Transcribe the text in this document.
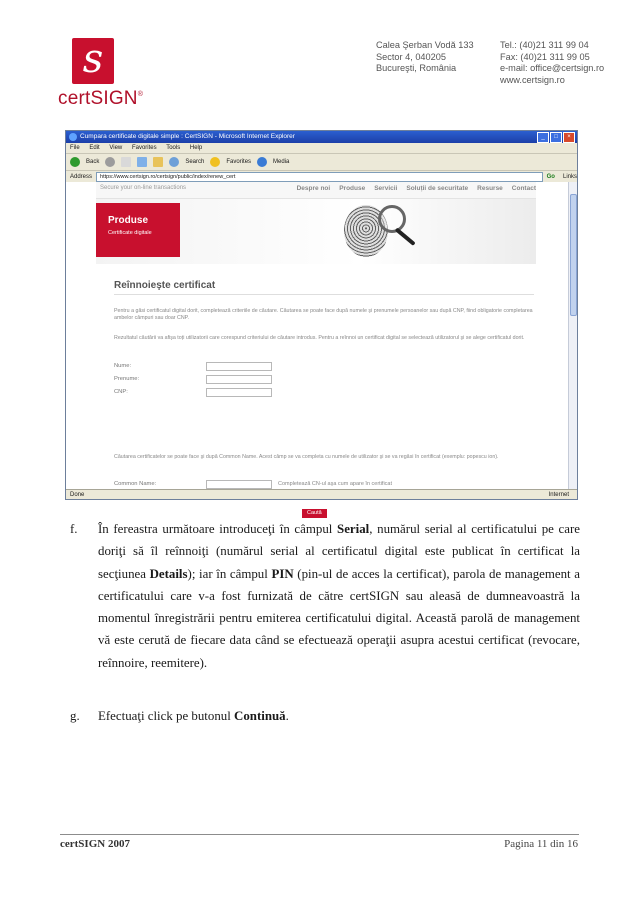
s
certSIGN®
Calea Şerban Vodă 133
Sector 4, 040205
Bucureşti, România
Tel.: (40)21 311 99 04
Fax: (40)21 311 99 05
e-mail: office@certsign.ro
www.certsign.ro
Cumpara certificate digitale simple : CertSIGN - Microsoft Internet Explorer	_	□	×
File Edit View Favorites Tools Help
Back	Search	Favorites	Media
Address	https://www.certsign.ro/certsign/public/index/renew_cert	Go Links
Secure your on-line transactions	Despre noi Produse Servicii Soluții de securitate Resurse Contact
Produse
Certificate digitale
Reînnoieşte certificat
Pentru a găsi certificatul digital dorit, completează criteriile de căutare. Căutarea se poate face după numele şi prenumele persoanelor sau după CNP, fiind obligatorie completarea ambelor câmpuri sau doar CNP.
Rezultatul căutării va afişa toți utilizatorii care corespund criteriului de căutare introdus. Pentru a reînnoi un certificat digital se selectează utilizatorul şi se alege certificatul dorit.
Nume:
Prenume:
CNP:
Căutarea certificatelor se poate face şi după Common Name. Acest câmp se va completa cu numele de utilizator şi se va regăsi în certificat (exemplu: popescu ion).
Common Name:	Completează CN-ul aşa cum apare în certificat
Caută
Done	Internet
f. În fereastra următoare introduceţi în câmpul Serial, numărul serial al certificatului pe care doriţi să îl reînnoiţi (numărul serial al certificatul digital este publicat în certificat la secţiunea Details); iar în câmpul PIN (pin-ul de acces la certificat), parola de management a certificatului care v-a fost furnizată de către certSIGN sau aleasă de dumneavoastră la momentul înregistrării pentru emiterea certificatului digital. Această parolă de management vă este cerută de fiecare data când se efectuează operaţii asupra acestui certificat (revocare, reînnoire, reemitere).
g. Efectuaţi click pe butonul Continuă.
certSIGN 2007	Pagina 11 din 16
